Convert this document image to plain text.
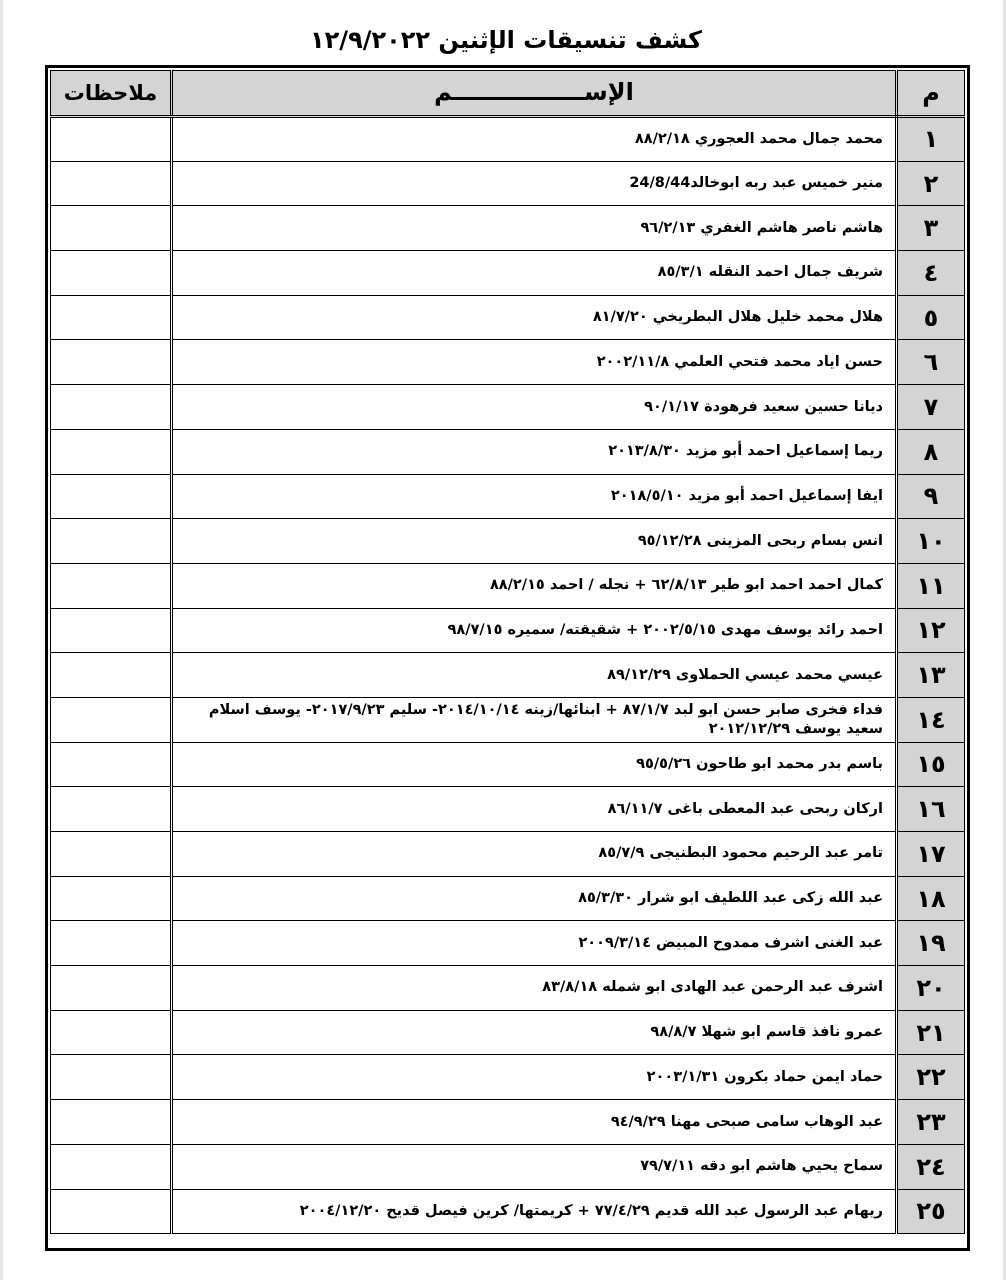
كشف تنسيقات الإثنين ١٢/٩/٢٠٢٢
م	الإســــــــــــــــم	ملاحظات
١	محمد جمال محمد العجوري ٨٨/٢/١٨	
٢	منير خميس عبد ربه ابوخالد24/8/44	
٣	هاشم ناصر هاشم الغفري ٩٦/٢/١٣	
٤	شريف جمال احمد النقله ٨٥/٣/١	
٥	هلال محمد خليل هلال البطريخي ٨١/٧/٢٠	
٦	حسن اياد محمد فتحي العلمي ٢٠٠٢/١١/٨	
٧	ديانا حسين سعيد فرهودة ٩٠/١/١٧	
٨	ريما إسماعيل احمد أبو مزيد ٢٠١٣/٨/٣٠	
٩	ايفا إسماعيل احمد أبو مزيد ٢٠١٨/٥/١٠	
١٠	انس بسام ربحى المزينى ٩٥/١٢/٢٨	
١١	كمال احمد احمد ابو طير ٦٢/٨/١٣ + نجله / احمد ٨٨/٢/١٥	
١٢	احمد رائد يوسف مهدى ٢٠٠٢/٥/١٥ + شقيقته/ سميره ٩٨/٧/١٥	
١٣	عيسي محمد عيسي الحملاوى ٨٩/١٢/٢٩	
١٤	فداء فخرى صابر حسن ابو لبد ٨٧/١/٧ + ابنائها/زينه ٢٠١٤/١٠/١٤- سليم ٢٠١٧/٩/٢٣- يوسف اسلام سعيد يوسف ٢٠١٢/١٢/٢٩	
١٥	باسم بدر محمد ابو طاحون ٩٥/٥/٢٦	
١٦	اركان ربحى عبد المعطى باغى ٨٦/١١/٧	
١٧	تامر عبد الرحيم محمود البطنيجى ٨٥/٧/٩	
١٨	عبد الله زكى عبد اللطيف ابو شرار ٨٥/٣/٣٠	
١٩	عبد الغنى اشرف ممدوح المبيض ٢٠٠٩/٣/١٤	
٢٠	اشرف عبد الرحمن عبد الهادى ابو شمله ٨٣/٨/١٨	
٢١	عمرو نافذ قاسم ابو شهلا ٩٨/٨/٧	
٢٢	حماد ايمن حماد بكرون ٢٠٠٣/١/٣١	
٢٣	عبد الوهاب سامى صبحى مهنا ٩٤/٩/٢٩	
٢٤	سماح يحيي هاشم ابو دقه ٧٩/٧/١١	
٢٥	ريهام عبد الرسول عبد الله قديم ٧٧/٤/٢٩ + كريمتها/ كرين فيصل قديح ٢٠٠٤/١٢/٢٠	
